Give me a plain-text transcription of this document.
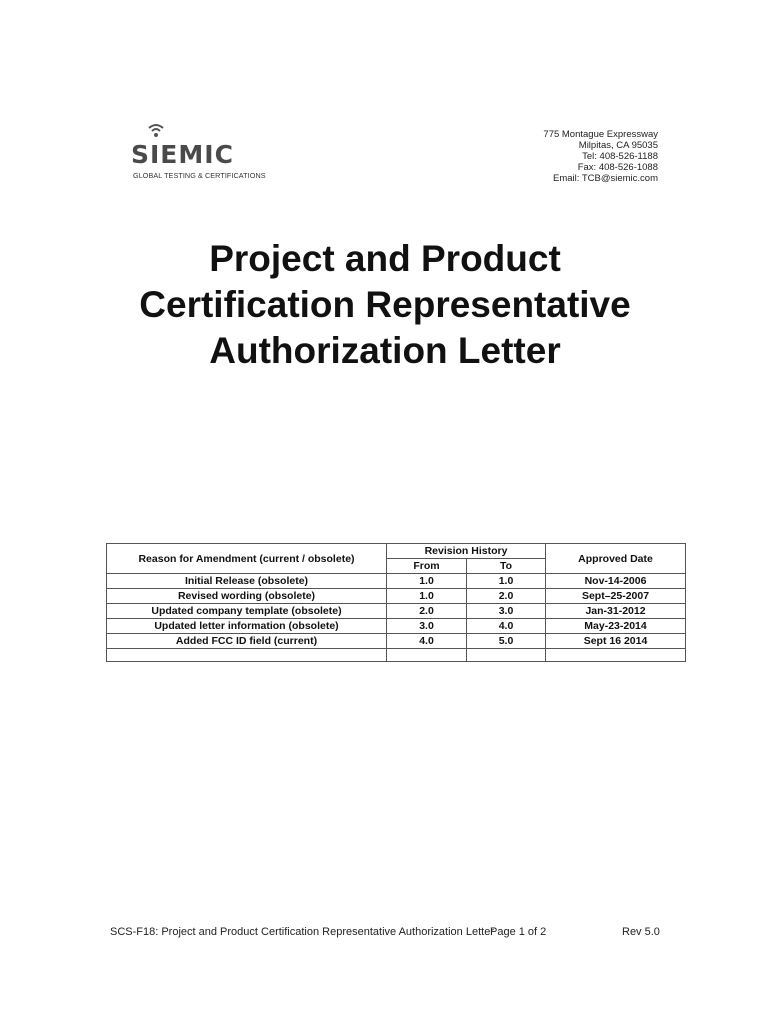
SIEMIC
GLOBAL TESTING & CERTIFICATIONS
775 Montague Expressway
Milpitas, CA 95035
Tel: 408-526-1188
Fax: 408-526-1088
Email: TCB@siemic.com
Project and Product
Certification Representative
Authorization Letter
Reason for Amendment (current / obsolete)	Revision History		Approved Date
	From	To	
Initial Release (obsolete)	1.0	1.0	Nov-14-2006
Revised wording (obsolete)	1.0	2.0	Sept–25-2007
Updated company template (obsolete)	2.0	3.0	Jan-31-2012
Updated letter information (obsolete)	3.0	4.0	May-23-2014
Added FCC ID field (current)	4.0	5.0	Sept 16 2014

SCS-F18: Project and Product Certification Representative Authorization Letter
Page 1 of 2	Rev 5.0
